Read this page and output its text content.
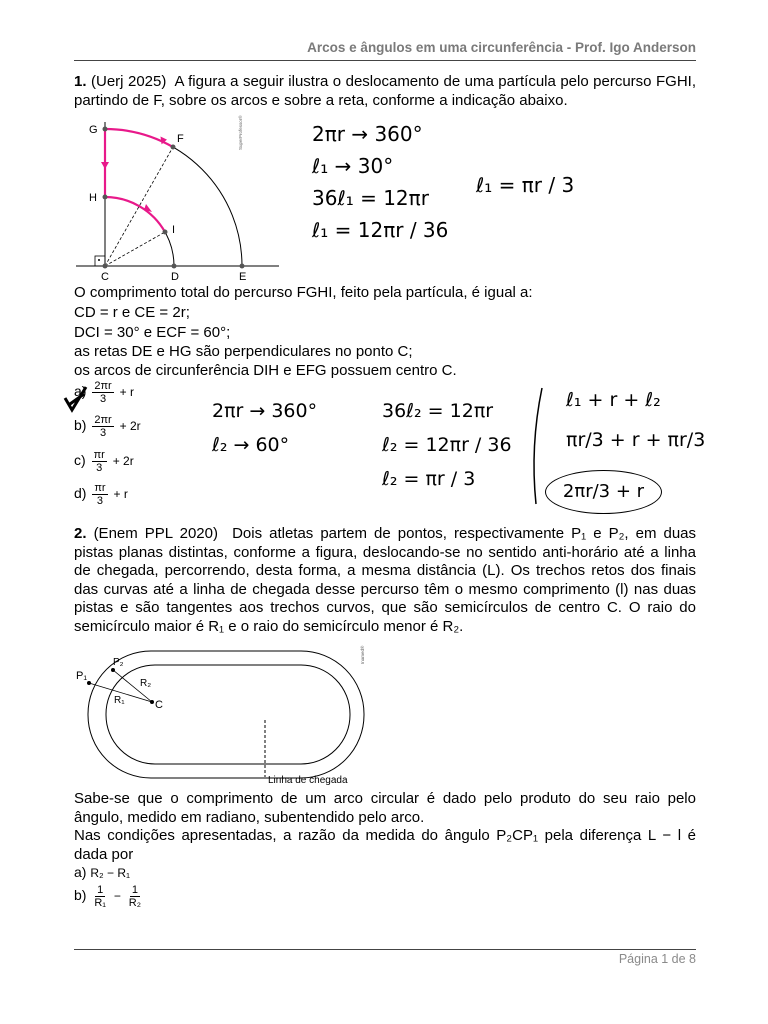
Arcos e ângulos em uma circunferência - Prof. Igo Anderson
1. (Uerj 2025) A figura a seguir ilustra o deslocamento de uma partícula pelo percurso FGHI, partindo de F, sobre os arcos e sobre a reta, conforme a indicação abaixo.
G
F
H
I
C	D	E
SuperProfessor®	2πr → 360°
ℓ₁ → 30°
36ℓ₁ = 12πr
ℓ₁ = 12πr / 36
ℓ₁ = πr / 3
O comprimento total do percurso FGHI, feito pela partícula, é igual a:
CD = r e CE = 2r;
DCI = 30° e ECF = 60°;
as retas DE e HG são perpendiculares no ponto C;
os arcos de circunferência DIH e EFG possuem centro C.
$a) \frac{2\pi r}{3} + r$
$b) \frac{2\pi r}{3} + 2r$
$c) \frac{\pi r}{3} + 2r$
$d) \frac{\pi r}{3} + r$
2πr → 360°
ℓ₂ → 60°
36ℓ₂ = 12πr
ℓ₂ = 12πr / 36
ℓ₂ = πr / 3
ℓ₁ + r + ℓ₂
πr/3 + r + πr/3
2πr/3 + r
2. (Enem PPL 2020) Dois atletas partem de pontos, respectivamente P₁ e P₂, em duas pistas planas distintas, conforme a figura, deslocando-se no sentido anti-horário até a linha de chegada, percorrendo, desta forma, a mesma distância (L). Os trechos retos dos finais das curvas até a linha de chegada desse percurso têm o mesmo comprimento (l) nas duas pistas e são tangentes aos trechos curvos, que são semicírculos de centro C. O raio do semicírculo maior é R₁ e o raio do semicírculo menor é R₂.
P₁
P₂
R₂
R₁	C
Linha de chegada
Inamed®
Sabe-se que o comprimento de um arco circular é dado pelo produto do seu raio pelo ângulo, medido em radiano, subentendido pelo arco.
Nas condições apresentadas, a razão da medida do ângulo P₂CP₁ pela diferença L − l é dada por
a) R₂ − R₁
$b) \frac{1}{\text{R₁}} - \frac{1}{\text{R₂}}$
Página 1 de 8
